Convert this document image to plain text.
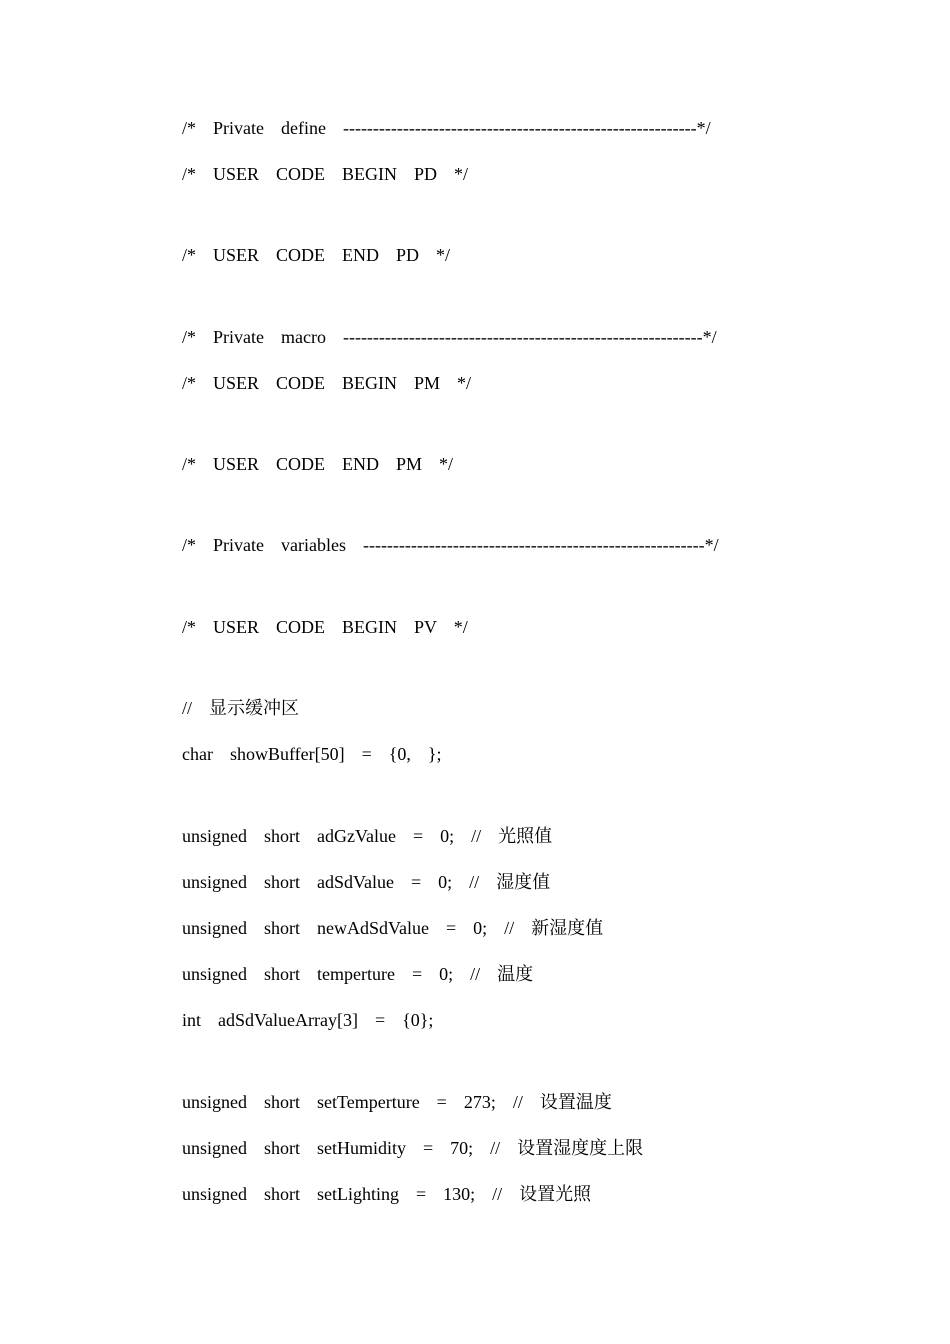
/*  Private  define  -----------------------------------------------------------*/
/*  USER  CODE  BEGIN  PD  */
/*  USER  CODE  END  PD  */
/*  Private  macro  ------------------------------------------------------------*/
/*  USER  CODE  BEGIN  PM  */
/*  USER  CODE  END  PM  */
/*  Private  variables  ---------------------------------------------------------*/
/*  USER  CODE  BEGIN  PV  */
//  显示缓冲区
char  showBuffer[50]  =  {0,  };
unsigned  short  adGzValue  =  0;  //  光照值
unsigned  short  adSdValue  =  0;  //  湿度值
unsigned  short  newAdSdValue  =  0;  //  新湿度值
unsigned  short  temperture  =  0;  //  温度
int  adSdValueArray[3]  =  {0};
unsigned  short  setTemperture  =  273;  //  设置温度
unsigned  short  setHumidity  =  70;  //  设置湿度度上限
unsigned  short  setLighting  =  130;  //  设置光照
